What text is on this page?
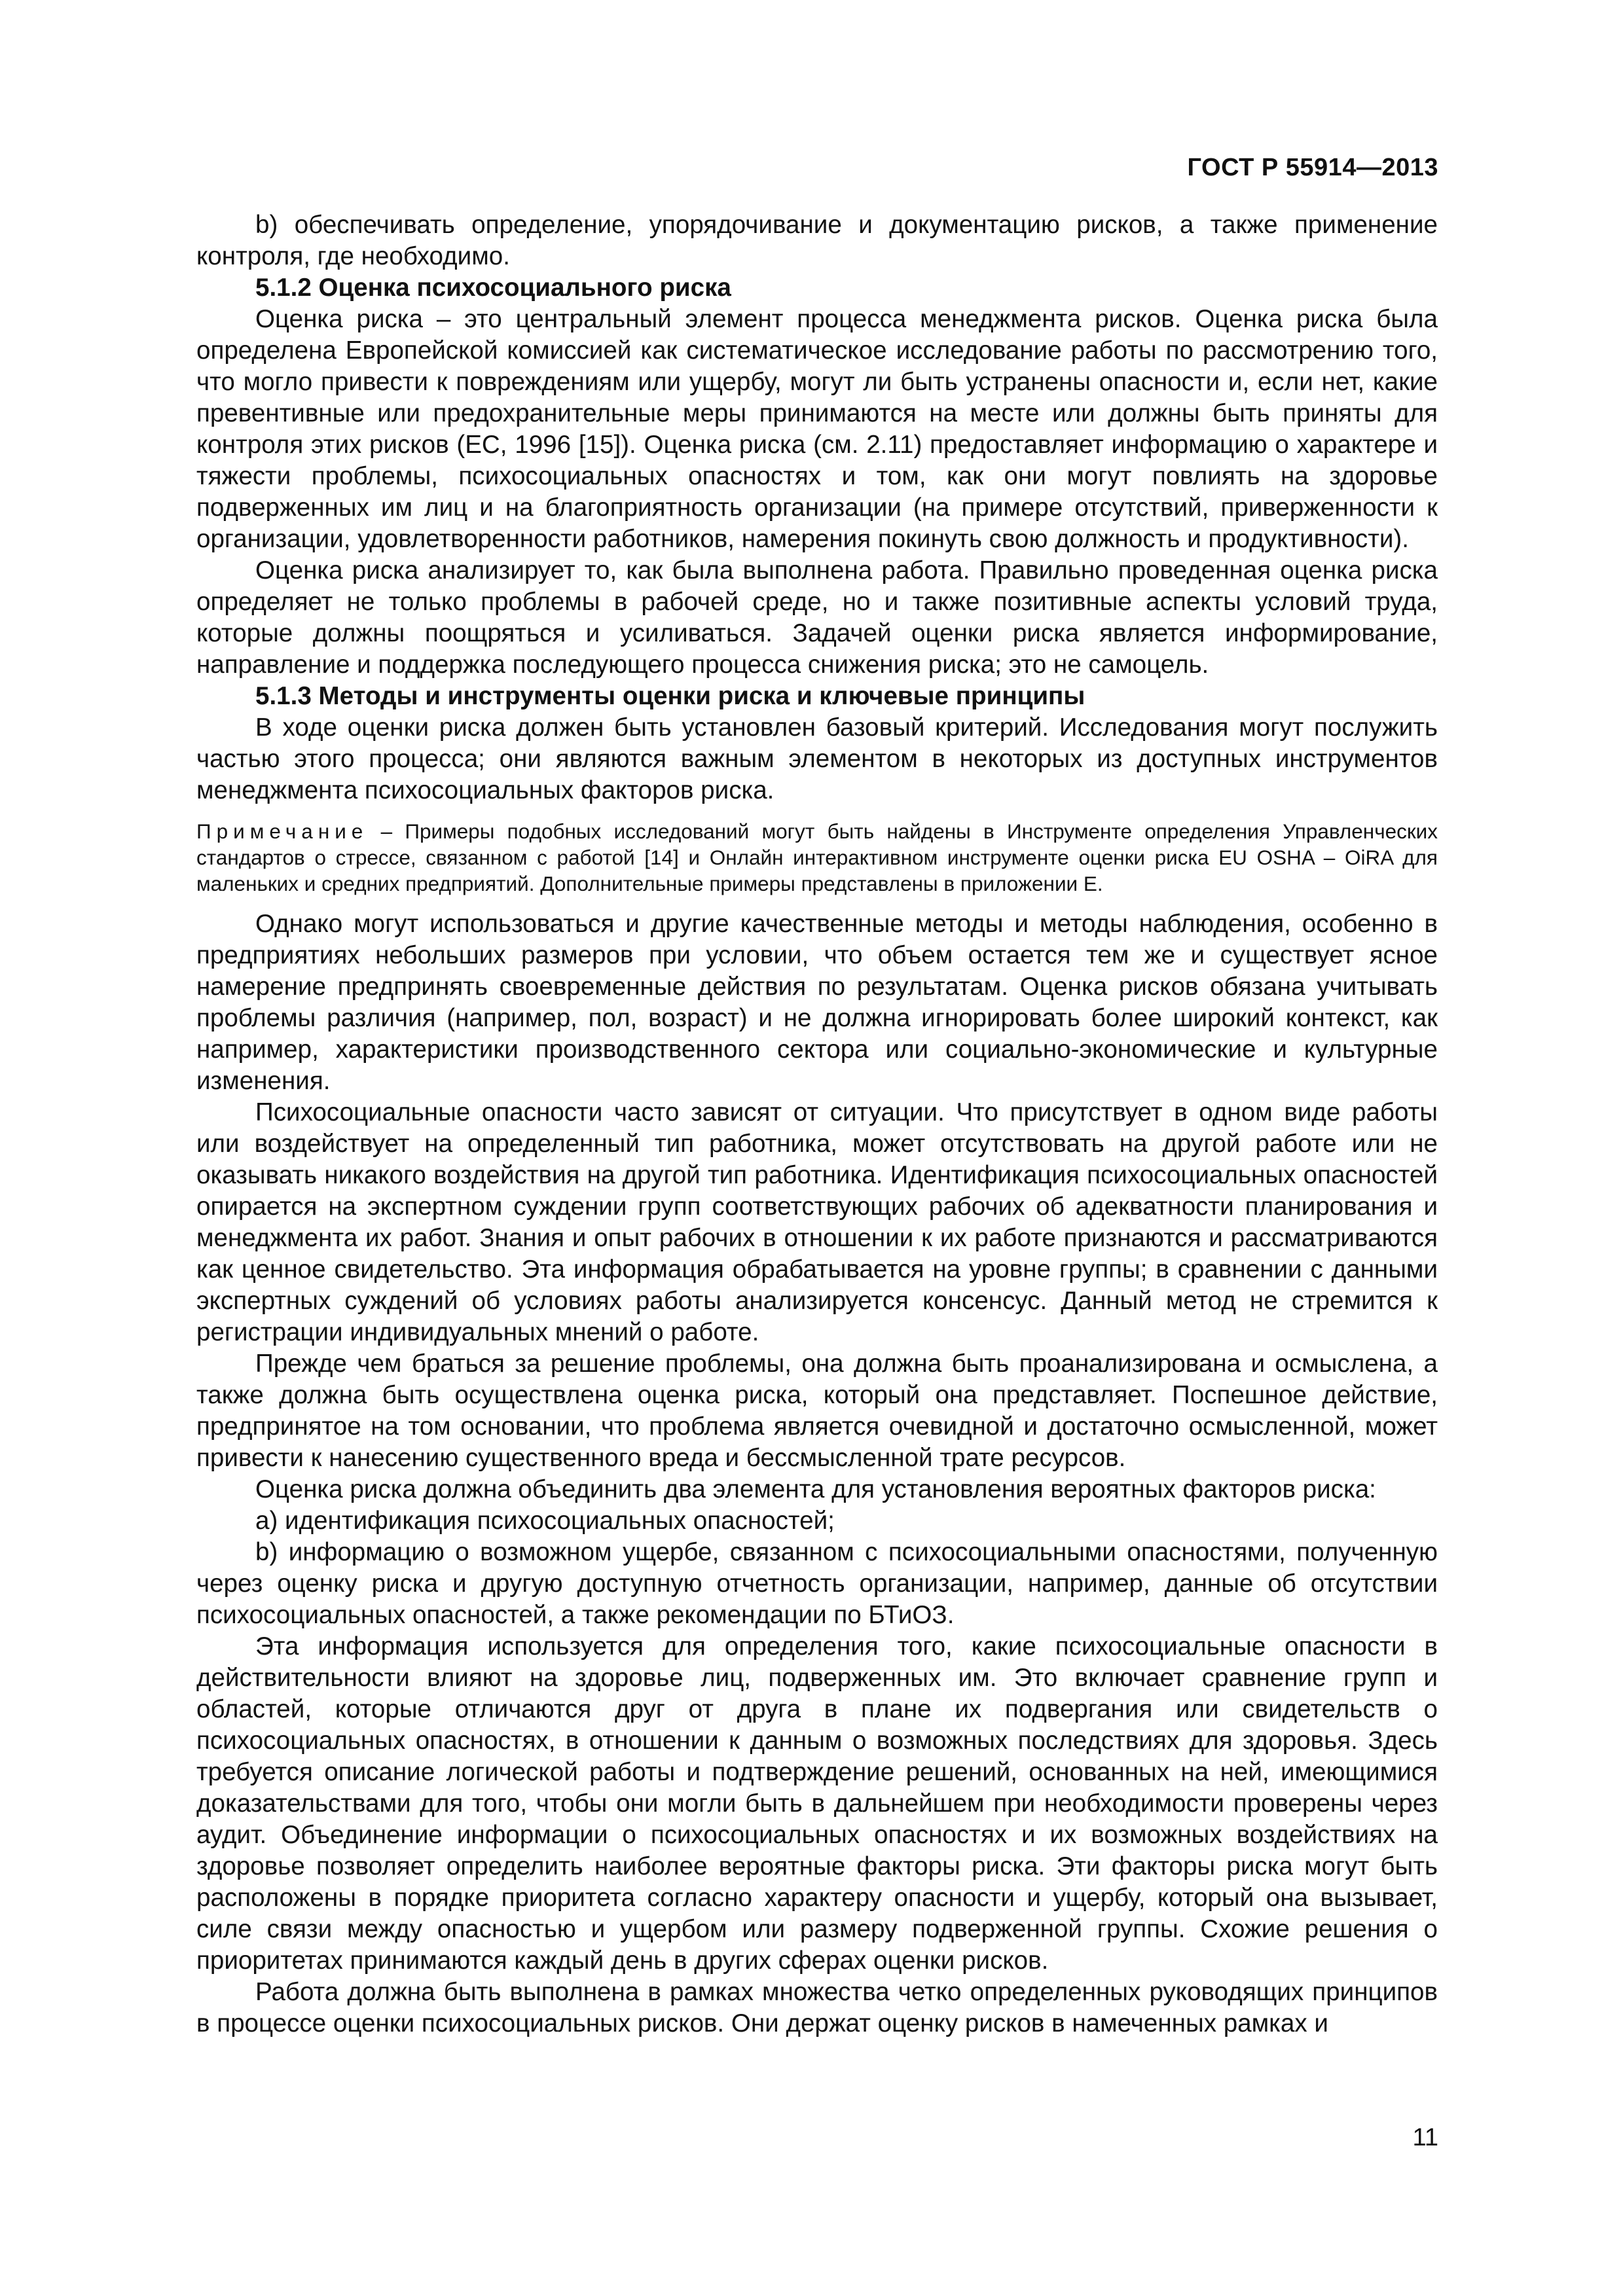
ГОСТ Р 55914—2013

b) обеспечивать определение, упорядочивание и документацию рисков, а также применение контроля, где необходимо.

5.1.2 Оценка психосоциального риска

Оценка риска – это центральный элемент процесса менеджмента рисков. Оценка риска была определена Европейской комиссией как систематическое исследование работы по рассмотрению того, что могло привести к повреждениям или ущербу, могут ли быть устранены опасности и, если нет, какие превентивные или предохранительные меры принимаются на месте или должны быть приняты для контроля этих рисков (ЕС, 1996 [15]). Оценка риска (см. 2.11) предоставляет информацию о характере и тяжести проблемы, психосоциальных опасностях и том, как они могут повлиять на здоровье подверженных им лиц и на благоприятность организации (на примере отсутствий, приверженности к организации, удовлетворенности работников, намерения покинуть свою должность и продуктивности).

Оценка риска анализирует то, как была выполнена работа. Правильно проведенная оценка риска определяет не только проблемы в рабочей среде, но и также позитивные аспекты условий труда, которые должны поощряться и усиливаться. Задачей оценки риска является информирование, направление и поддержка последующего процесса снижения риска; это не самоцель.

5.1.3 Методы и инструменты оценки риска и ключевые принципы

В ходе оценки риска должен быть установлен базовый критерий. Исследования могут послужить частью этого процесса; они являются важным элементом в некоторых из доступных инструментов менеджмента психосоциальных факторов риска.

Примечание – Примеры подобных исследований могут быть найдены в Инструменте определения Управленческих стандартов о стрессе, связанном с работой [14] и Онлайн интерактивном инструменте оценки риска EU OSHA – OiRA для маленьких и средних предприятий. Дополнительные примеры представлены в приложении Е.

Однако могут использоваться и другие качественные методы и методы наблюдения, особенно в предприятиях небольших размеров при условии, что объем остается тем же и существует ясное намерение предпринять своевременные действия по результатам. Оценка рисков обязана учитывать проблемы различия (например, пол, возраст) и не должна игнорировать более широкий контекст, как например, характеристики производственного сектора или социально-экономические и культурные изменения.

Психосоциальные опасности часто зависят от ситуации. Что присутствует в одном виде работы или воздействует на определенный тип работника, может отсутствовать на другой работе или не оказывать никакого воздействия на другой тип работника. Идентификация психосоциальных опасностей опирается на экспертном суждении групп соответствующих рабочих об адекватности планирования и менеджмента их работ. Знания и опыт рабочих в отношении к их работе признаются и рассматриваются как ценное свидетельство. Эта информация обрабатывается на уровне группы; в сравнении с данными экспертных суждений об условиях работы анализируется консенсус. Данный метод не стремится к регистрации индивидуальных мнений о работе.

Прежде чем браться за решение проблемы, она должна быть проанализирована и осмыслена, а также должна быть осуществлена оценка риска, который она представляет. Поспешное действие, предпринятое на том основании, что проблема является очевидной и достаточно осмысленной, может привести к нанесению существенного вреда и бессмысленной трате ресурсов.

Оценка риска должна объединить два элемента для установления вероятных факторов риска:

а) идентификация психосоциальных опасностей;

b) информацию о возможном ущербе, связанном с психосоциальными опасностями, полученную через оценку риска и другую доступную отчетность организации, например, данные об отсутствии психосоциальных опасностей, а также рекомендации по БТиОЗ.

Эта информация используется для определения того, какие психосоциальные опасности в действительности влияют на здоровье лиц, подверженных им. Это включает сравнение групп и областей, которые отличаются друг от друга в плане их подвергания или свидетельств о психосоциальных опасностях, в отношении к данным о возможных последствиях для здоровья. Здесь требуется описание логической работы и подтверждение решений, основанных на ней, имеющимися доказательствами для того, чтобы они могли быть в дальнейшем при необходимости проверены через аудит. Объединение информации о психосоциальных опасностях и их возможных воздействиях на здоровье позволяет определить наиболее вероятные факторы риска. Эти факторы риска могут быть расположены в порядке приоритета согласно характеру опасности и ущербу, который она вызывает, силе связи между опасностью и ущербом или размеру подверженной группы. Схожие решения о приоритетах принимаются каждый день в других сферах оценки рисков.

Работа должна быть выполнена в рамках множества четко определенных руководящих принципов в процессе оценки психосоциальных рисков. Они держат оценку рисков в намеченных рамках и

11
